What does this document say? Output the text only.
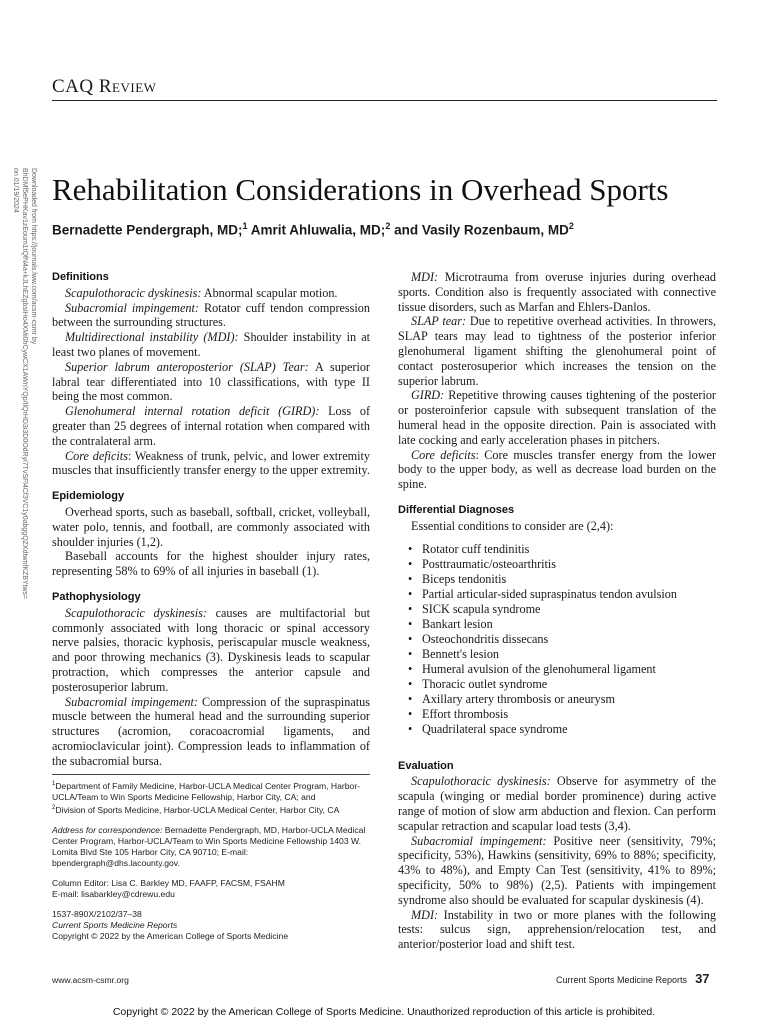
CAQ Review
Downloaded from https://journals.lww.com/acsm-csmr by BhDMf5ePHKav1zEoum1tQfN4a+kJLhEZgbsIHo4XMi0hCywCX1AWnYQp/IlQrHD3i3D0OdRyi7TvSFl4Cf3VC1y0abggQZXdtwnfKZBYtws= on 01/19/2024	Rehabilitation Considerations in Overhead Sports
Bernadette Pendergraph, MD;$^1$ Amrit Ahluwalia, MD;$^2$ and Vasily Rozenbaum, $MD^2$
Definitions

Scapulothoracic dyskinesis: Abnormal scapular motion.

Subacromial impingement: Rotator cuff tendon compression between the surrounding structures.

Multidirectional instability (MDI): Shoulder instability in at least two planes of movement.

Superior labrum anteroposterior (SLAP) Tear: A superior labral tear differentiated into 10 classifications, with type II being the most common.

Glenohumeral internal rotation deficit (GIRD): Loss of greater than 25 degrees of internal rotation when compared with the contralateral arm.

Core deficits: Weakness of trunk, pelvic, and lower extremity muscles that insufficiently transfer energy to the upper extremity.

Epidemiology

Overhead sports, such as baseball, softball, cricket, volleyball, water polo, tennis, and football, are commonly associated with shoulder injuries (1,2).

Baseball accounts for the highest shoulder injury rates, representing 58% to 69% of all injuries in baseball (1).

Pathophysiology

Scapulothoracic dyskinesis: causes are multifactorial but commonly associated with long thoracic or spinal accessory nerve palsies, thoracic kyphosis, periscapular muscle weakness, and poor throwing mechanics (3). Dyskinesis leads to scapular protraction, which compresses the anterior capsule and posterosuperior labrum.

Subacromial impingement: Compression of the supraspinatus muscle between the humeral head and the surrounding superior structures (acromion, coracoacromial ligaments, and acromioclavicular joint). Compression leads to inflammation of the subacromial bursa.

MDI: Microtrauma from overuse injuries during overhead sports. Condition also is frequently associated with connective tissue disorders, such as Marfan and Ehlers-Danlos.

SLAP tear: Due to repetitive overhead activities. In throwers, SLAP tears may lead to tightness of the posterior inferior glenohumeral ligament shifting the glenohumeral point of contact posterosuperior which increases the tension on the superior labrum.

GIRD: Repetitive throwing causes tightening of the posterior or posteroinferior capsule with subsequent translation of the humeral head in the opposite direction. Pain is associated with late cocking and early acceleration phases in pitchers.

Core deficits: Core muscles transfer energy from the lower body to the upper body, as well as decrease load burden on the spine.

Differential Diagnoses

Essential conditions to consider are (2,4):

• Rotator cuff tendinitis
• Posttraumatic/osteoarthritis
• Biceps tendonitis
• Partial articular-sided supraspinatus tendon avulsion
• SICK scapula syndrome
• Bankart lesion
• Osteochondritis dissecans
• Bennett's lesion
• Humeral avulsion of the glenohumeral ligament
• Thoracic outlet syndrome
• Axillary artery thrombosis or aneurysm
• Effort thrombosis
• Quadrilateral space syndrome
Evaluation

Scapulothoracic dyskinesis: Observe for asymmetry of the scapula (winging or medial border prominence) during active range of motion of slow arm abduction and flexion. Can perform scapular retraction and scapular load tests (3,4).

Subacromial impingement: Positive neer (sensitivity, 79%; specificity, 53%), Hawkins (sensitivity, 69% to 88%; specificity, 43% to 48%), and Empty Can Test (sensitivity, 41% to 89%; specificity, 50% to 98%) (2,5). Patients with impingement syndrome also should be evaluated for scapular dyskinesis (4).

MDI: Instability in two or more planes with the following tests: sulcus sign, apprehension/relocation test, and anterior/posterior load and shift test.

$^1$Department of Family Medicine, Harbor-UCLA Medical Center Program, Harbor-UCLA/Team to Win Sports Medicine Fellowship, Harbor City, CA; and
$^2$Division of Sports Medicine, Harbor-UCLA Medical Center, Harbor City, CA
Address for correspondence: Bernadette Pendergraph, MD, Harbor-UCLA Medical Center Program, Harbor-UCLA/Team to Win Sports Medicine Fellowship 1403 W. Lomita Blvd Ste 105 Harbor City, CA 90710; E-mail: bpendergraph@dhs.lacounty.gov.
Column Editor: Lisa C. Barkley MD, FAAFP, FACSM, FSAHM
E-mail: lisabarkley@cdrewu.edu
1537-890X/2102/37–38
Current Sports Medicine Reports
Copyright © 2022 by the American College of Sports Medicine
www.acsm-csmr.org	Current Sports Medicine Reports 37
Copyright © 2022 by the American College of Sports Medicine. Unauthorized reproduction of this article is prohibited.
